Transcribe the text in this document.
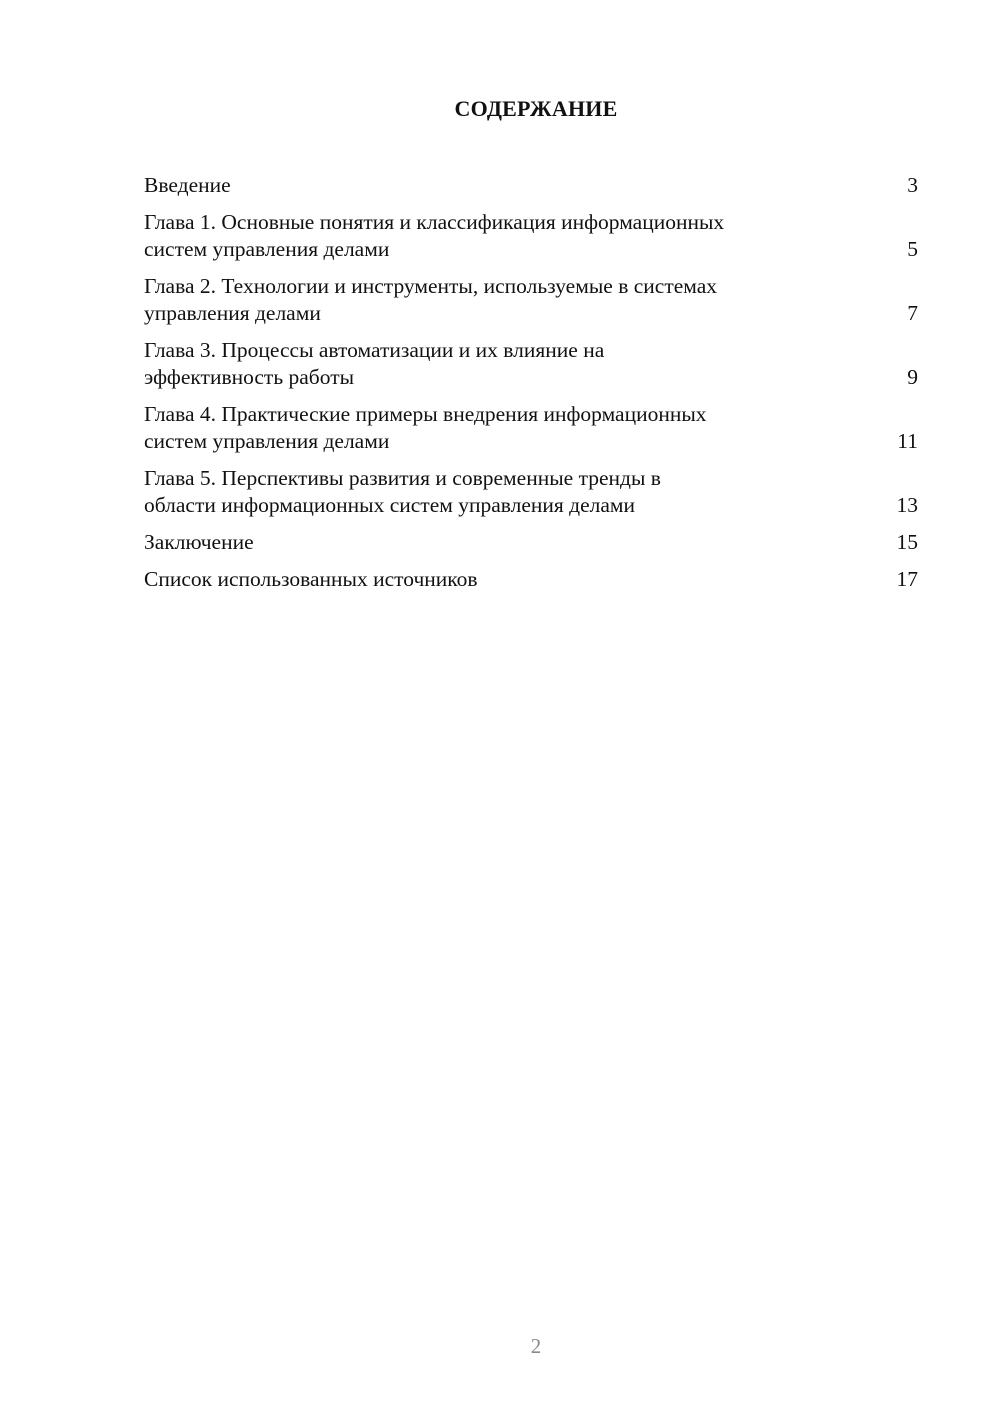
СОДЕРЖАНИЕ
Введение	3
Глава 1. Основные понятия и классификация информационных
систем управления делами	5
Глава 2. Технологии и инструменты, используемые в системах
управления делами	7
Глава 3. Процессы автоматизации и их влияние на
эффективность работы	9
Глава 4. Практические примеры внедрения информационных
систем управления делами	11
Глава 5. Перспективы развития и современные тренды в
области информационных систем управления делами	13
Заключение	15
Список использованных источников	17
2
